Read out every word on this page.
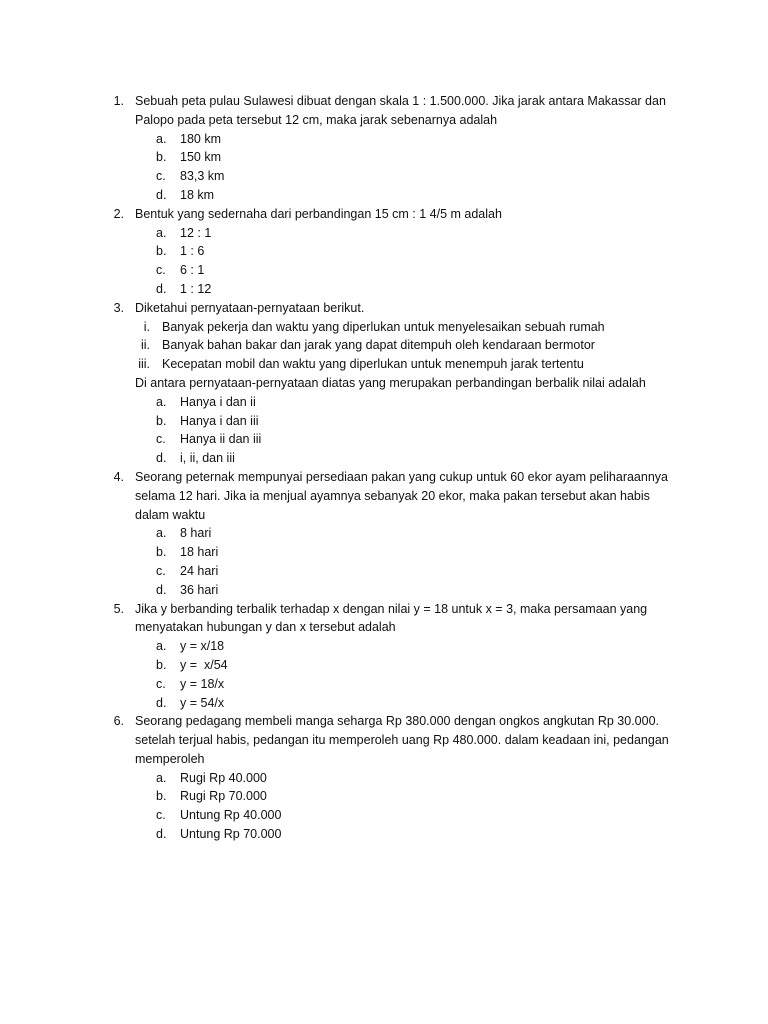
1. Sebuah peta pulau Sulawesi dibuat dengan skala 1 : 1.500.000. Jika jarak antara Makassar dan
Palopo pada peta tersebut 12 cm, maka jarak sebenarnya adalah
a. 180 km
b. 150 km
c. 83,3 km
d. 18 km
2. Bentuk yang sedernaha dari perbandingan 15 cm : 1 4/5 m adalah
a. 12 : 1
b. 1 : 6
c. 6 : 1
d. 1 : 12
3. Diketahui pernyataan-pernyataan berikut.
i. Banyak pekerja dan waktu yang diperlukan untuk menyelesaikan sebuah rumah
ii. Banyak bahan bakar dan jarak yang dapat ditempuh oleh kendaraan bermotor
iii. Kecepatan mobil dan waktu yang diperlukan untuk menempuh jarak tertentu
Di antara pernyataan-pernyataan diatas yang merupakan perbandingan berbalik nilai adalah
a. Hanya i dan ii
b. Hanya i dan iii
c. Hanya ii dan iii
d. i, ii, dan iii
4. Seorang peternak mempunyai persediaan pakan yang cukup untuk 60 ekor ayam peliharaannya
selama 12 hari. Jika ia menjual ayamnya sebanyak 20 ekor, maka pakan tersebut akan habis
dalam waktu
a. 8 hari
b. 18 hari
c. 24 hari
d. 36 hari
5. Jika y berbanding terbalik terhadap x dengan nilai y = 18 untuk x = 3, maka persamaan yang
menyatakan hubungan y dan x tersebut adalah
a. y = x/18
b. y =  x/54
c. y = 18/x
d. y = 54/x
6. Seorang pedagang membeli manga seharga Rp 380.000 dengan ongkos angkutan Rp 30.000.
setelah terjual habis, pedangan itu memperoleh uang Rp 480.000. dalam keadaan ini, pedangan
memperoleh
a. Rugi Rp 40.000
b. Rugi Rp 70.000
c. Untung Rp 40.000
d. Untung Rp 70.000
